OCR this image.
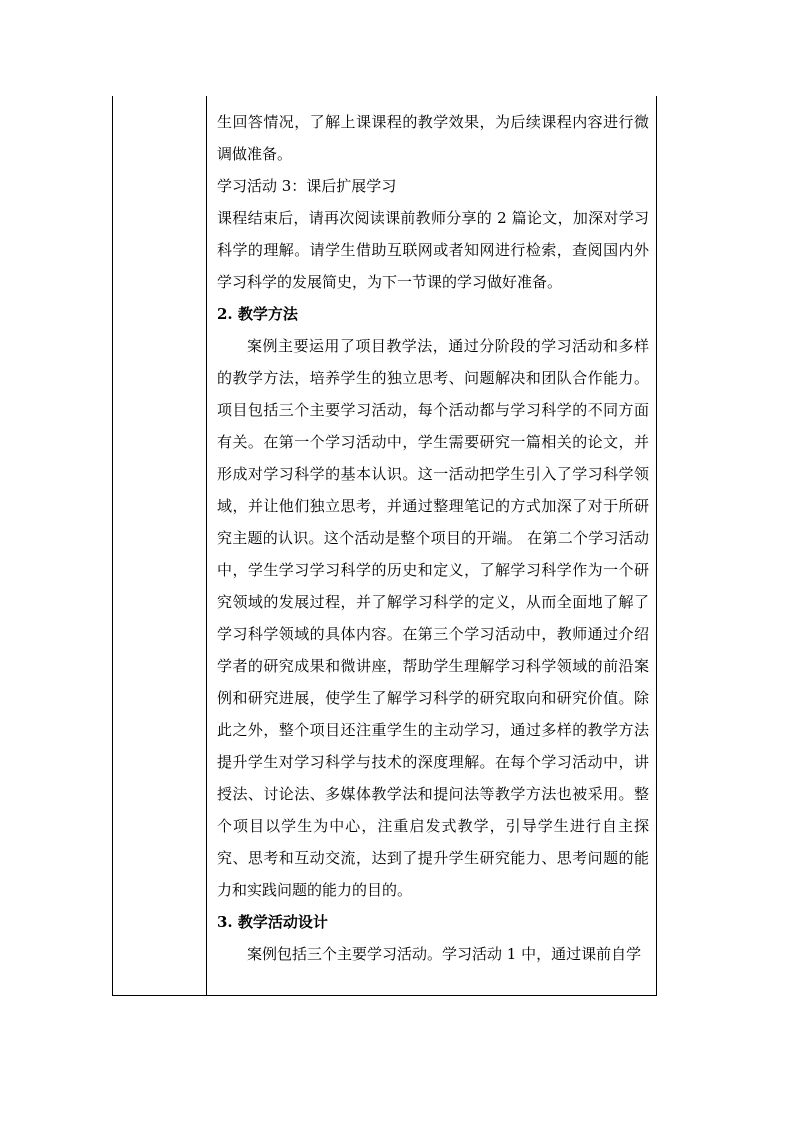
生回答情况，了解上课课程的教学效果，为后续课程内容进行微调做准备。

学习活动 3：课后扩展学习

课程结束后，请再次阅读课前教师分享的 2 篇论文，加深对学习科学的理解。请学生借助互联网或者知网进行检索，查阅国内外学习科学的发展简史，为下一节课的学习做好准备。

2. 教学方法

案例主要运用了项目教学法，通过分阶段的学习活动和多样的教学方法，培养学生的独立思考、问题解决和团队合作能力。项目包括三个主要学习活动，每个活动都与学习科学的不同方面有关。在第一个学习活动中，学生需要研究一篇相关的论文，并形成对学习科学的基本认识。这一活动把学生引入了学习科学领域，并让他们独立思考，并通过整理笔记的方式加深了对于所研究主题的认识。这个活动是整个项目的开端。 在第二个学习活动中，学生学习学习科学的历史和定义，了解学习科学作为一个研究领域的发展过程，并了解学习科学的定义，从而全面地了解了学习科学领域的具体内容。在第三个学习活动中，教师通过介绍学者的研究成果和微讲座，帮助学生理解学习科学领域的前沿案例和研究进展，使学生了解学习科学的研究取向和研究价值。除此之外，整个项目还注重学生的主动学习，通过多样的教学方法提升学生对学习科学与技术的深度理解。在每个学习活动中，讲授法、讨论法、多媒体教学法和提问法等教学方法也被采用。整个项目以学生为中心，注重启发式教学，引导学生进行自主探究、思考和互动交流，达到了提升学生研究能力、思考问题的能力和实践问题的能力的目的。

3. 教学活动设计

案例包括三个主要学习活动。学习活动 1 中，通过课前自学
